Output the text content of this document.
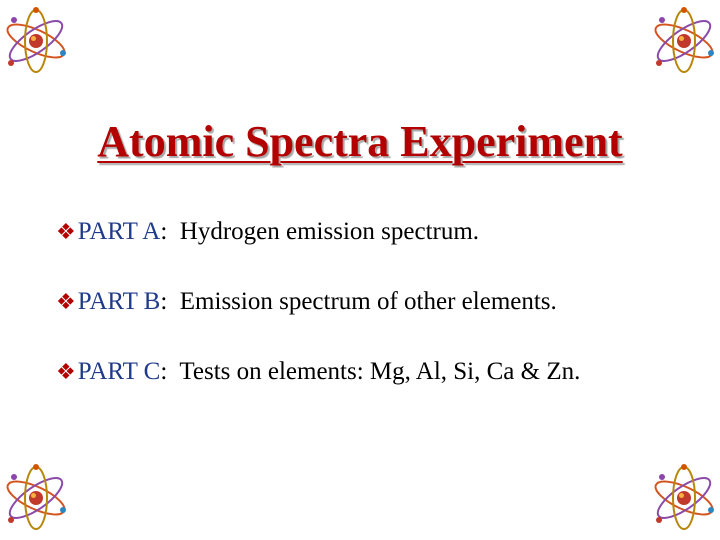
Atomic Spectra Experiment
❖PART A: Hydrogen emission spectrum.
❖PART B: Emission spectrum of other elements.
❖PART C: Tests on elements: Mg, Al, Si, Ca & Zn.
